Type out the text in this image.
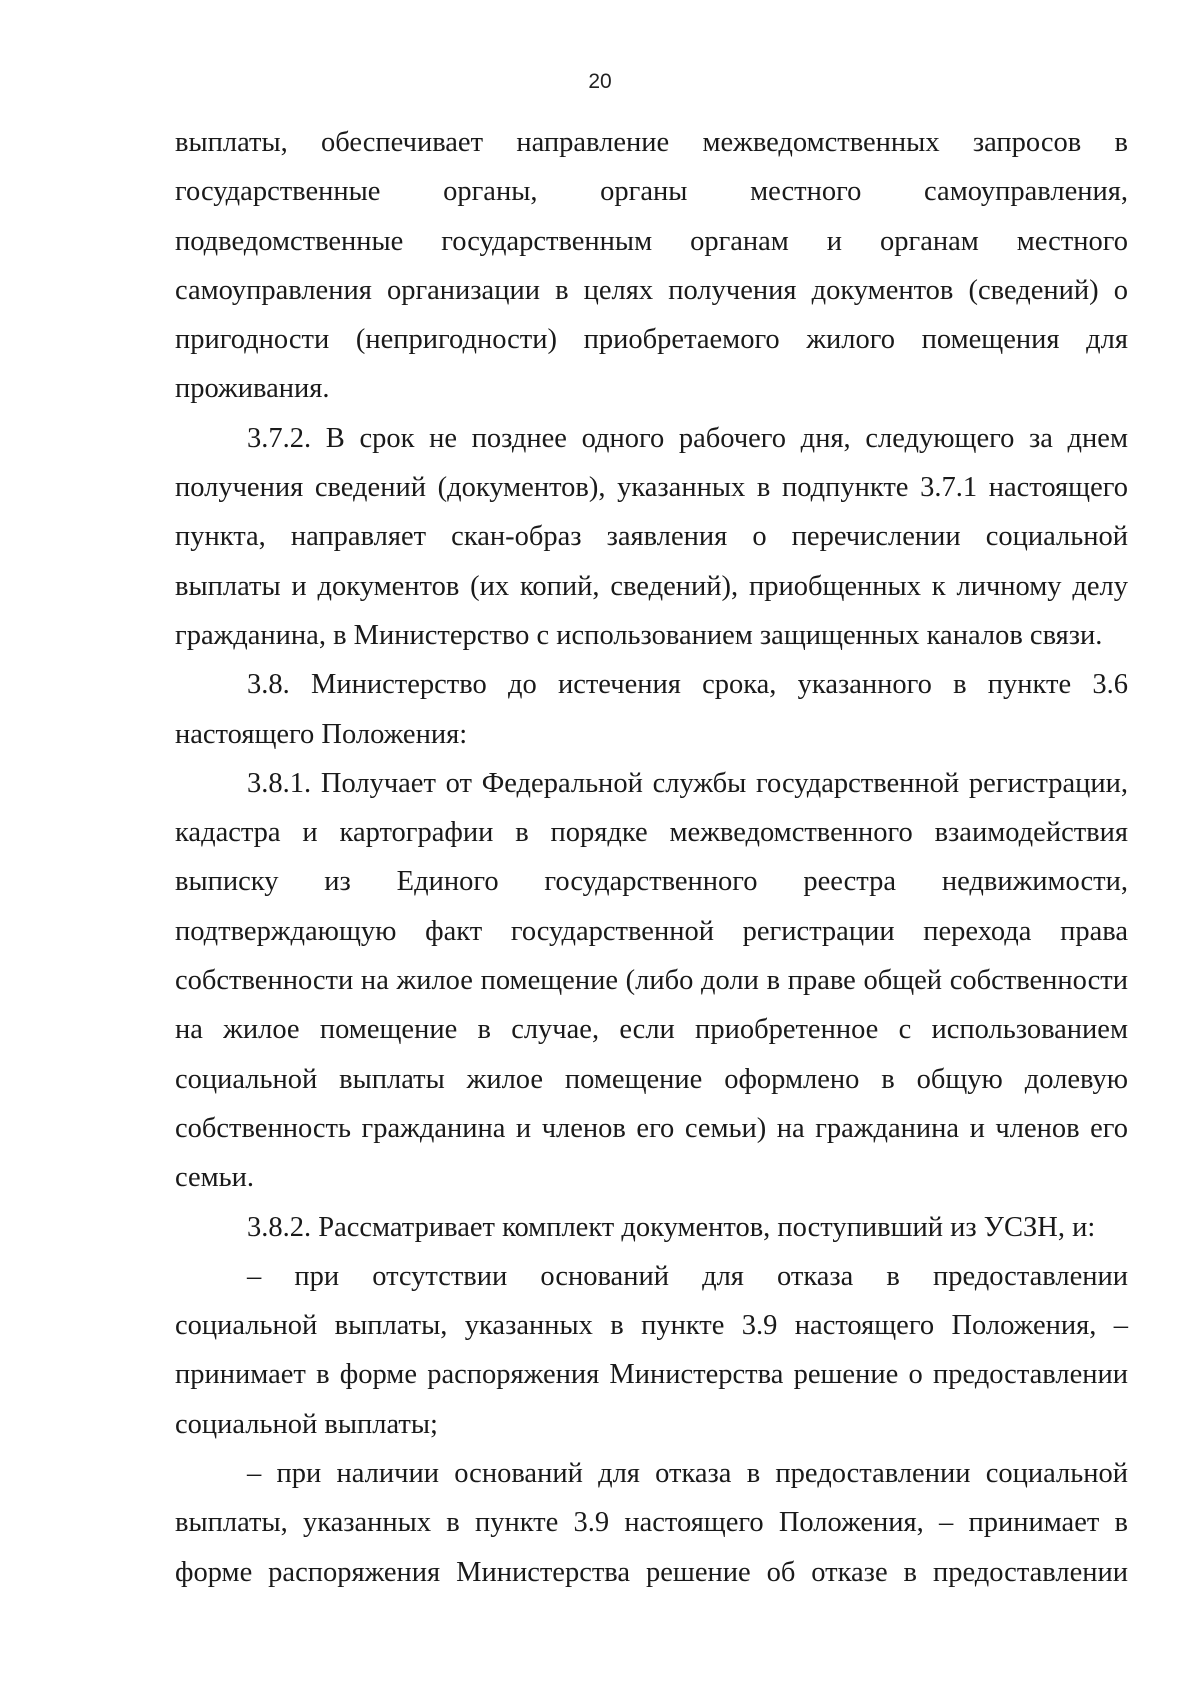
20
выплаты, обеспечивает направление межведомственных запросов в
государственные органы, органы местного самоуправления,
подведомственные государственным органам и органам местного
самоуправления организации в целях получения документов (сведений) о
пригодности (непригодности) приобретаемого жилого помещения для
проживания.
3.7.2. В срок не позднее одного рабочего дня, следующего за днем
получения сведений (документов), указанных в подпункте 3.7.1 настоящего
пункта, направляет скан-образ заявления о перечислении социальной
выплаты и документов (их копий, сведений), приобщенных к личному делу
гражданина, в Министерство с использованием защищенных каналов связи.
3.8. Министерство до истечения срока, указанного в пункте 3.6
настоящего Положения:
3.8.1. Получает от Федеральной службы государственной регистрации,
кадастра и картографии в порядке межведомственного взаимодействия
выписку из Единого государственного реестра недвижимости,
подтверждающую факт государственной регистрации перехода права
собственности на жилое помещение (либо доли в праве общей собственности
на жилое помещение в случае, если приобретенное с использованием
социальной выплаты жилое помещение оформлено в общую долевую
собственность гражданина и членов его семьи) на гражданина и членов его
семьи.
3.8.2. Рассматривает комплект документов, поступивший из УСЗН, и:
– при отсутствии оснований для отказа в предоставлении
социальной выплаты, указанных в пункте 3.9 настоящего Положения, –
принимает в форме распоряжения Министерства решение о предоставлении
социальной выплаты;
– при наличии оснований для отказа в предоставлении социальной
выплаты, указанных в пункте 3.9 настоящего Положения, – принимает в
форме распоряжения Министерства решение об отказе в предоставлении
